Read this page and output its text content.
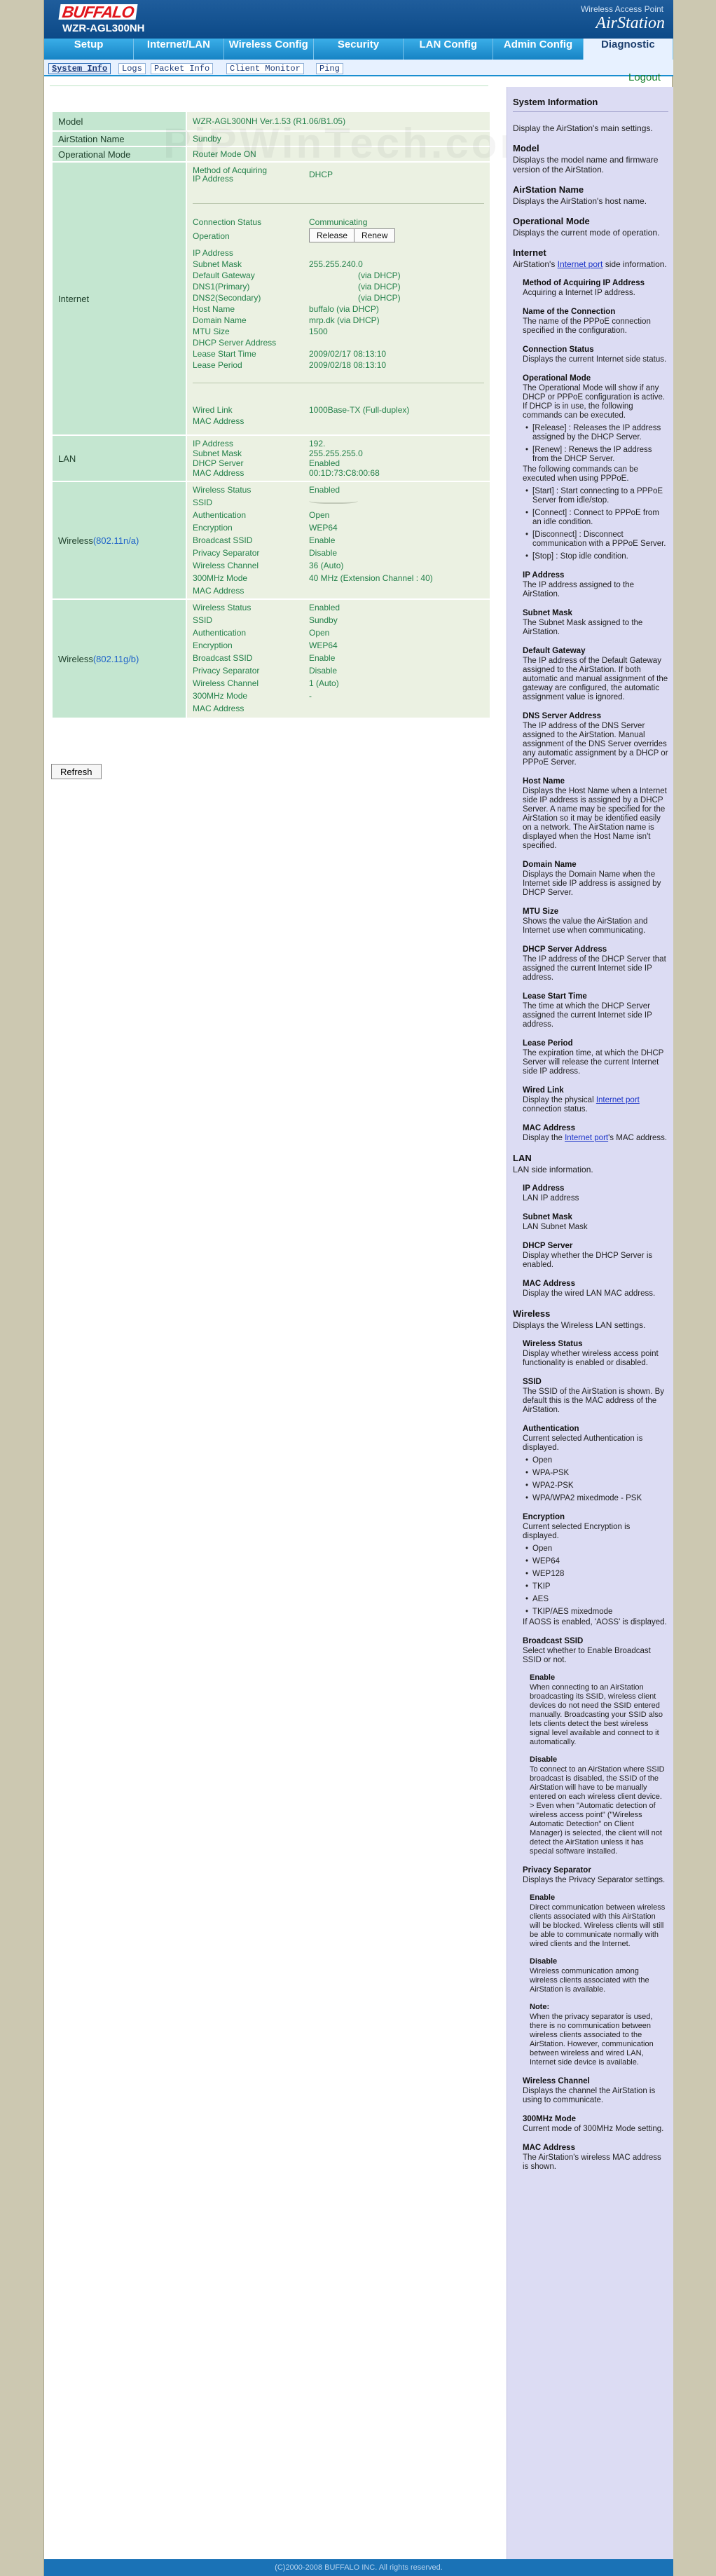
BUFFALO
WZR-AGL300NH
Wireless Access Point
AirStation
Setup	Internet/LAN	Wireless Config	Security	LAN Config	Admin Config	Diagnostic
System Info	Logs	Packet Info	Client Monitor	Ping
Logout
Model	WZR-AGL300NH Ver.1.53 (R1.06/B1.05)
AirStation Name	Sundby
Operational Mode	Router Mode ON
Internet
Method of Acquiring
IP Address	DHCP
Connection Status	Communicating
Operation	Release	Renew
IP Address
Subnet Mask	255.255.240.0
Default Gateway	(via DHCP)
DNS1(Primary)	(via DHCP)
DNS2(Secondary)	(via DHCP)
Host Name	buffalo (via DHCP)
Domain Name	mrp.dk (via DHCP)
MTU Size	1500
DHCP Server Address
Lease Start Time	2009/02/17 08:13:10
Lease Period	2009/02/18 08:13:10
Wired Link	1000Base-TX (Full-duplex)
MAC Address
LAN
IP Address	192.
Subnet Mask	255.255.255.0
DHCP Server	Enabled
MAC Address	00:1D:73:C8:00:68
Wireless (802.11n/a)
Wireless Status	Enabled
SSID
Authentication	Open
Encryption	WEP64
Broadcast SSID	Enable
Privacy Separator	Disable
Wireless Channel	36 (Auto)
300MHz Mode	40 MHz (Extension Channel : 40)
MAC Address
Wireless (802.11g/b)
Wireless Status	Enabled
SSID	Sundby
Authentication	Open
Encryption	WEP64
Broadcast SSID	Enable
Privacy Separator	Disable
Wireless Channel	1 (Auto)
300MHz Mode	-
MAC Address
Refresh
System Information
Display the AirStation's main settings.
Model
Displays the model name and firmware version of the AirStation.
AirStation Name
Displays the AirStation's host name.
Operational Mode
Displays the current mode of operation.
Internet
AirStation's Internet port side information.
Method of Acquiring IP Address
Acquiring a Internet IP address.
Name of the Connection
The name of the PPPoE connection specified in the configuration.
Connection Status
Displays the current Internet side status.
Operational Mode
The Operational Mode will show if any DHCP or PPPoE configuration is active. If DHCP is in use, the following commands can be executed.
• [Release] : Releases the IP address assigned by the DHCP Server.
• [Renew] : Renews the IP address from the DHCP Server.
The following commands can be executed when using PPPoE.
• [Start] : Start connecting to a PPPoE Server from idle/stop.
• [Connect] : Connect to PPPoE from an idle condition.
• [Disconnect] : Disconnect communication with a PPPoE Server.
• [Stop] : Stop idle condition.
IP Address
The IP address assigned to the AirStation.
Subnet Mask
The Subnet Mask assigned to the AirStation.
Default Gateway
The IP address of the Default Gateway assigned to the AirStation. If both automatic and manual assignment of the gateway are configured, the automatic assignment value is ignored.
DNS Server Address
The IP address of the DNS Server assigned to the AirStation. Manual assignment of the DNS Server overrides any automatic assignment by a DHCP or PPPoE Server.
Host Name
Displays the Host Name when a Internet side IP address is assigned by a DHCP Server. A name may be specified for the AirStation so it may be identified easily on a network. The AirStation name is displayed when the Host Name isn't specified.
Domain Name
Displays the Domain Name when the Internet side IP address is assigned by DHCP Server.
MTU Size
Shows the value the AirStation and Internet use when communicating.
DHCP Server Address
The IP address of the DHCP Server that assigned the current Internet side IP address.
Lease Start Time
The time at which the DHCP Server assigned the current Internet side IP address.
Lease Period
The expiration time, at which the DHCP Server will release the current Internet side IP address.
Wired Link
Display the physical Internet port connection status.
MAC Address
Display the Internet port's MAC address.
LAN
LAN side information.
IP Address
LAN IP address
Subnet Mask
LAN Subnet Mask
DHCP Server
Display whether the DHCP Server is enabled.
MAC Address
Display the wired LAN MAC address.
Wireless
Displays the Wireless LAN settings.
Wireless Status
Display whether wireless access point functionality is enabled or disabled.
SSID
The SSID of the AirStation is shown. By default this is the MAC address of the AirStation.
Authentication
Current selected Authentication is displayed.
• Open
• WPA-PSK
• WPA2-PSK
• WPA/WPA2 mixedmode - PSK
Encryption
Current selected Encryption is displayed.
• Open
• WEP64
• WEP128
• TKIP
• AES
• TKIP/AES mixedmode
If AOSS is enabled, 'AOSS' is displayed.
Broadcast SSID
Select whether to Enable Broadcast SSID or not.
Enable
When connecting to an AirStation broadcasting its SSID, wireless client devices do not need the SSID entered manually. Broadcasting your SSID also lets clients detect the best wireless signal level available and connect to it automatically.
Disable
To connect to an AirStation where SSID broadcast is disabled, the SSID of the AirStation will have to be manually entered on each wireless client device. > Even when "Automatic detection of wireless access point" ("Wireless Automatic Detection" on Client Manager) is selected, the client will not detect the AirStation unless it has special software installed.
Privacy Separator
Displays the Privacy Separator settings.
Enable
Direct communication between wireless clients associated with this AirStation will be blocked. Wireless clients will still be able to communicate normally with wired clients and the Internet.
Disable
Wireless communication among wireless clients associated with the AirStation is available.
Note:
When the privacy separator is used, there is no communication between wireless clients associated to the AirStation. However, communication between wireless and wired LAN, Internet side device is available.
Wireless Channel
Displays the channel the AirStation is using to communicate.
300MHz Mode
Current mode of 300MHz Mode setting.
MAC Address
The AirStation's wireless MAC address is shown.
(C)2000-2008 BUFFALO INC. All rights reserved.
